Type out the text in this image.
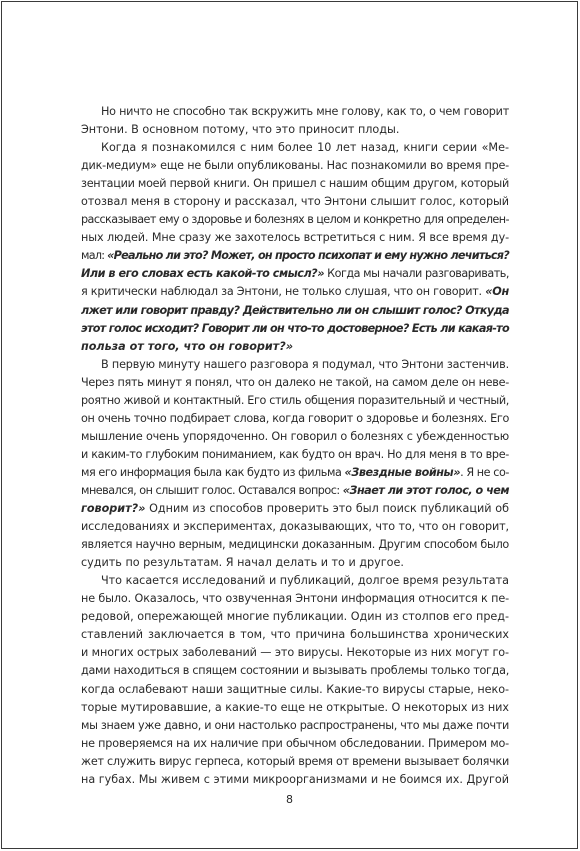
Но ничто не способно так вскружить мне голову, как то, о чем говорит
Энтони. В основном потому, что это приносит плоды.
Когда я познакомился с ним более 10 лет назад, книги серии «Ме-
дик-медиум» еще не были опубликованы. Нас познакомили во время пре-
зентации моей первой книги. Он пришел с нашим общим другом, который
отозвал меня в сторону и рассказал, что Энтони слышит голос, который
рассказывает ему о здоровье и болезнях в целом и конкретно для определен-
ных людей. Мне сразу же захотелось встретиться с ним. Я все время ду-
мал: «Реально ли это? Может, он просто психопат и ему нужно лечиться?
Или в его словах есть какой-то смысл?» Когда мы начали разговаривать,
я критически наблюдал за Энтони, не только слушая, что он говорит. «Он
лжет или говорит правду? Действительно ли он слышит голос? Откуда
этот голос исходит? Говорит ли он что-то достоверное? Есть ли какая-то
польза от того, что он говорит?»
В первую минуту нашего разговора я подумал, что Энтони застенчив.
Через пять минут я понял, что он далеко не такой, на самом деле он неве-
роятно живой и контактный. Его стиль общения поразительный и честный,
он очень точно подбирает слова, когда говорит о здоровье и болезнях. Его
мышление очень упорядоченно. Он говорил о болезнях с убежденностью
и каким-то глубоким пониманием, как будто он врач. Но для меня в то вре-
мя его информация была как будто из фильма «Звездные войны». Я не со-
мневался, он слышит голос. Оставался вопрос: «Знает ли этот голос, о чем
говорит?» Одним из способов проверить это был поиск публикаций об
исследованиях и экспериментах, доказывающих, что то, что он говорит,
является научно верным, медицински доказанным. Другим способом было
судить по результатам. Я начал делать и то и другое.
Что касается исследований и публикаций, долгое время результата
не было. Оказалось, что озвученная Энтони информация относится к пе-
редовой, опережающей многие публикации. Один из столпов его пред-
ставлений заключается в том, что причина большинства хронических
и многих острых заболеваний — это вирусы. Некоторые из них могут го-
дами находиться в спящем состоянии и вызывать проблемы только тогда,
когда ослабевают наши защитные силы. Какие-то вирусы старые, неко-
торые мутировавшие, а какие-то еще не открытые. О некоторых из них
мы знаем уже давно, и они настолько распространены, что мы даже почти
не проверяемся на их наличие при обычном обследовании. Примером мо-
жет служить вирус герпеса, который время от времени вызывает болячки
на губах. Мы живем с этими микроорганизмами и не боимся их. Другой
8
